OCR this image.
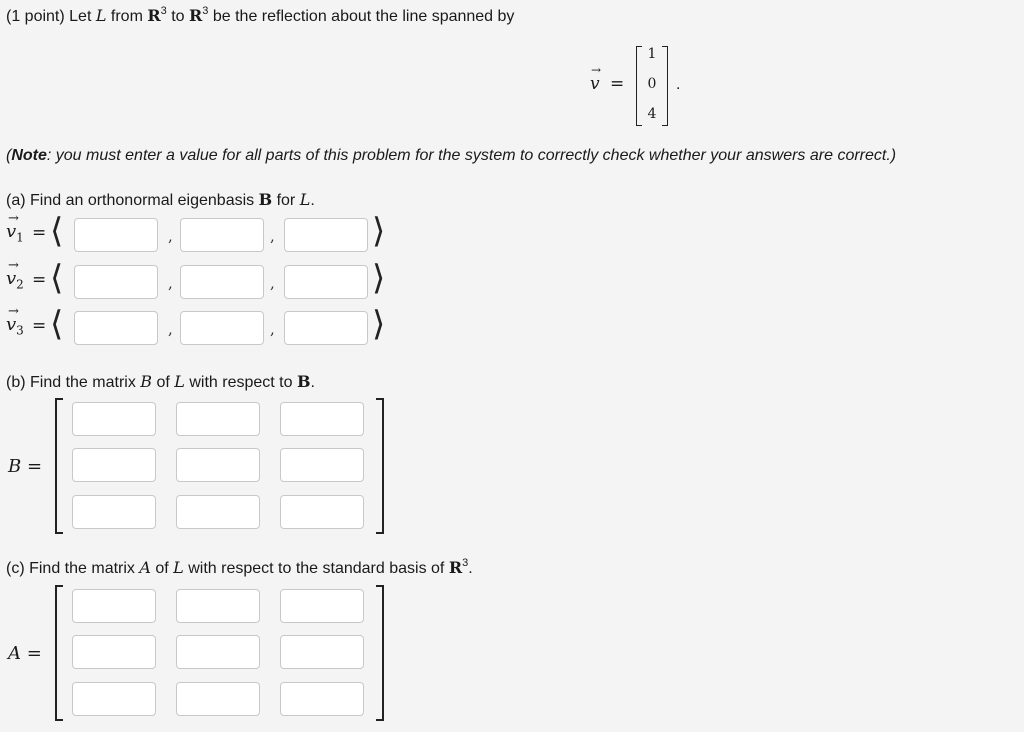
(1 point) Let L from $R^3$ to $R^3$ be the reflection about the line spanned by
→
v =
1
0
4
.
(Note: you must enter a value for all parts of this problem for the system to correctly check whether your answers are correct.)
(a) Find an orthonormal eigenbasis B for L.
→
$v_1$ = ⟨	,	,	⟩
→
$v_2$ = ⟨	,	,	⟩
→
$v_3$ = ⟨	,	,	⟩
(b) Find the matrix B of L with respect to B.
B =
(c) Find the matrix A of L with respect to the standard basis of $R^3$.
A =
